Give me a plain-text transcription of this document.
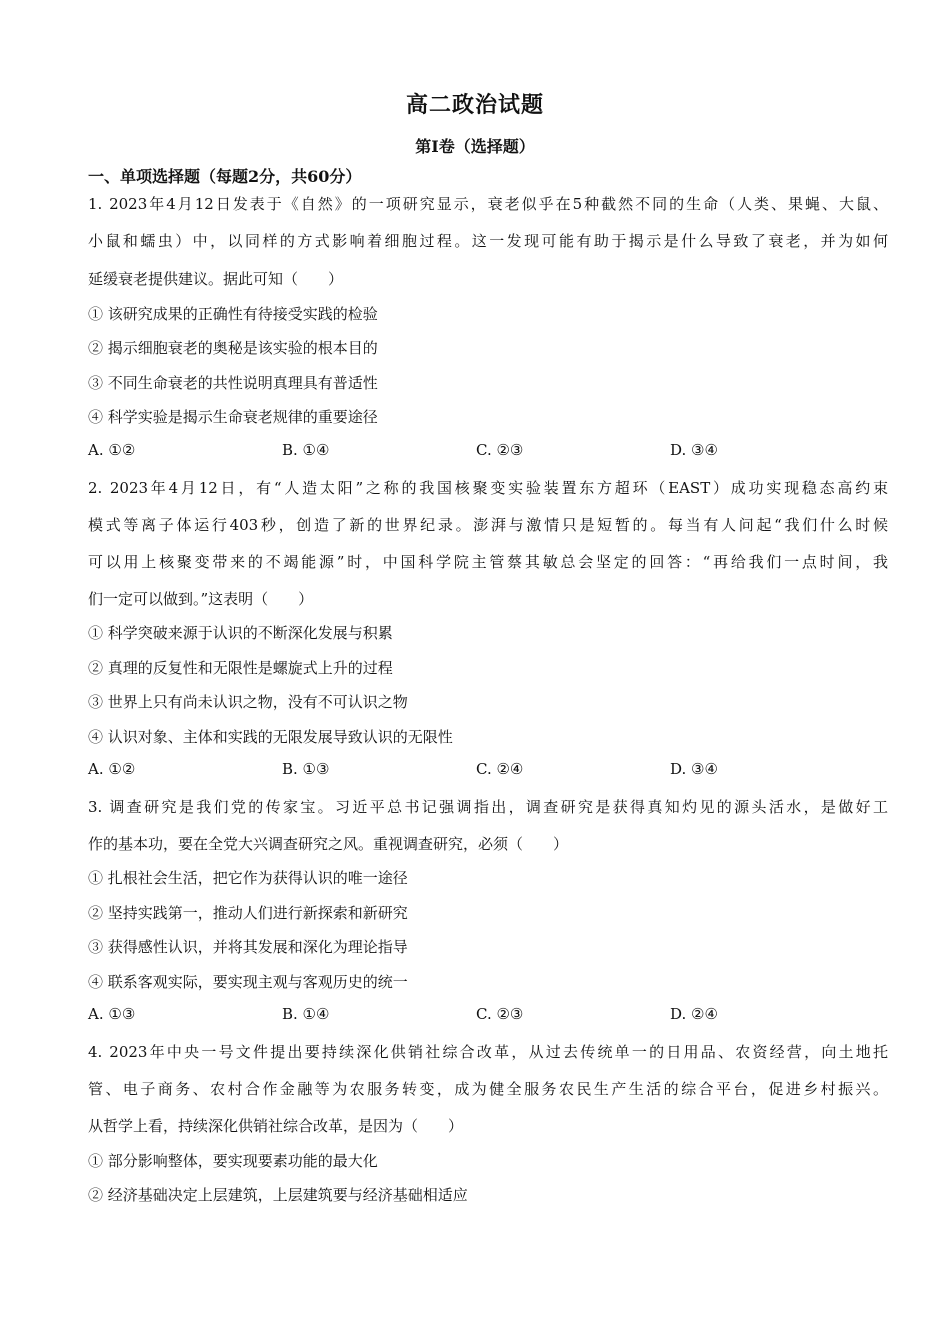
高二政治试题
第I卷（选择题）
一、单项选择题（每题2分，共60分）
1. 2023年4月12日发表于《自然》的一项研究显示，衰老似乎在5种截然不同的生命（人类、果蝇、大鼠、
小鼠和蠕虫）中，以同样的方式影响着细胞过程。这一发现可能有助于揭示是什么导致了衰老，并为如何
延缓衰老提供建议。据此可知（　　）
① 该研究成果的正确性有待接受实践的检验
② 揭示细胞衰老的奥秘是该实验的根本目的
③ 不同生命衰老的共性说明真理具有普适性
④ 科学实验是揭示生命衰老规律的重要途径
A. ①②	B. ①④	C. ②③	D. ③④
2. 2023年4月12日，有“人造太阳”之称的我国核聚变实验装置东方超环（EAST）成功实现稳态高约束
模式等离子体运行403秒，创造了新的世界纪录。澎湃与激情只是短暂的。每当有人问起“我们什么时候
可以用上核聚变带来的不竭能源”时，中国科学院主管蔡其敏总会坚定的回答：“再给我们一点时间，我
们一定可以做到。”这表明（　　）
① 科学突破来源于认识的不断深化发展与积累
② 真理的反复性和无限性是螺旋式上升的过程
③ 世界上只有尚未认识之物，没有不可认识之物
④ 认识对象、主体和实践的无限发展导致认识的无限性
A. ①②	B. ①③	C. ②④	D. ③④
3. 调查研究是我们党的传家宝。习近平总书记强调指出，调查研究是获得真知灼见的源头活水，是做好工
作的基本功，要在全党大兴调查研究之风。重视调查研究，必须（　　）
① 扎根社会生活，把它作为获得认识的唯一途径
② 坚持实践第一，推动人们进行新探索和新研究
③ 获得感性认识，并将其发展和深化为理论指导
④ 联系客观实际，要实现主观与客观历史的统一
A. ①③	B. ①④	C. ②③	D. ②④
4. 2023年中央一号文件提出要持续深化供销社综合改革，从过去传统单一的日用品、农资经营，向土地托
管、电子商务、农村合作金融等为农服务转变，成为健全服务农民生产生活的综合平台，促进乡村振兴。
从哲学上看，持续深化供销社综合改革，是因为（　　）
① 部分影响整体，要实现要素功能的最大化
② 经济基础决定上层建筑，上层建筑要与经济基础相适应
